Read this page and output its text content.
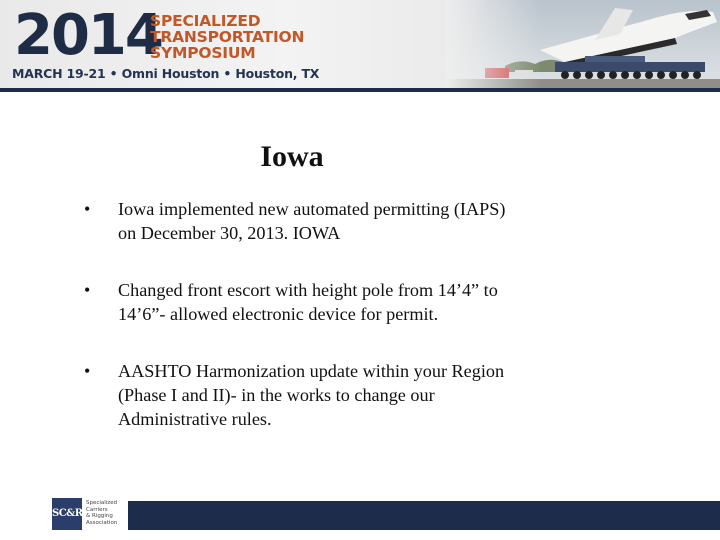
2014
SPECIALIZED
TRANSPORTATION
SYMPOSIUM
MARCH 19-21 • Omni Houston • Houston, TX
Iowa
• Iowa implemented new automated permitting (IAPS) on December 30, 2013. IOWA
• Changed front escort with height pole from 14’4” to 14’6”- allowed electronic device for permit.
• AASHTO Harmonization update within your Region (Phase I and II)- in the works to change our Administrative rules.
SC&RA
Specialized
Carriers
& Rigging
Association
